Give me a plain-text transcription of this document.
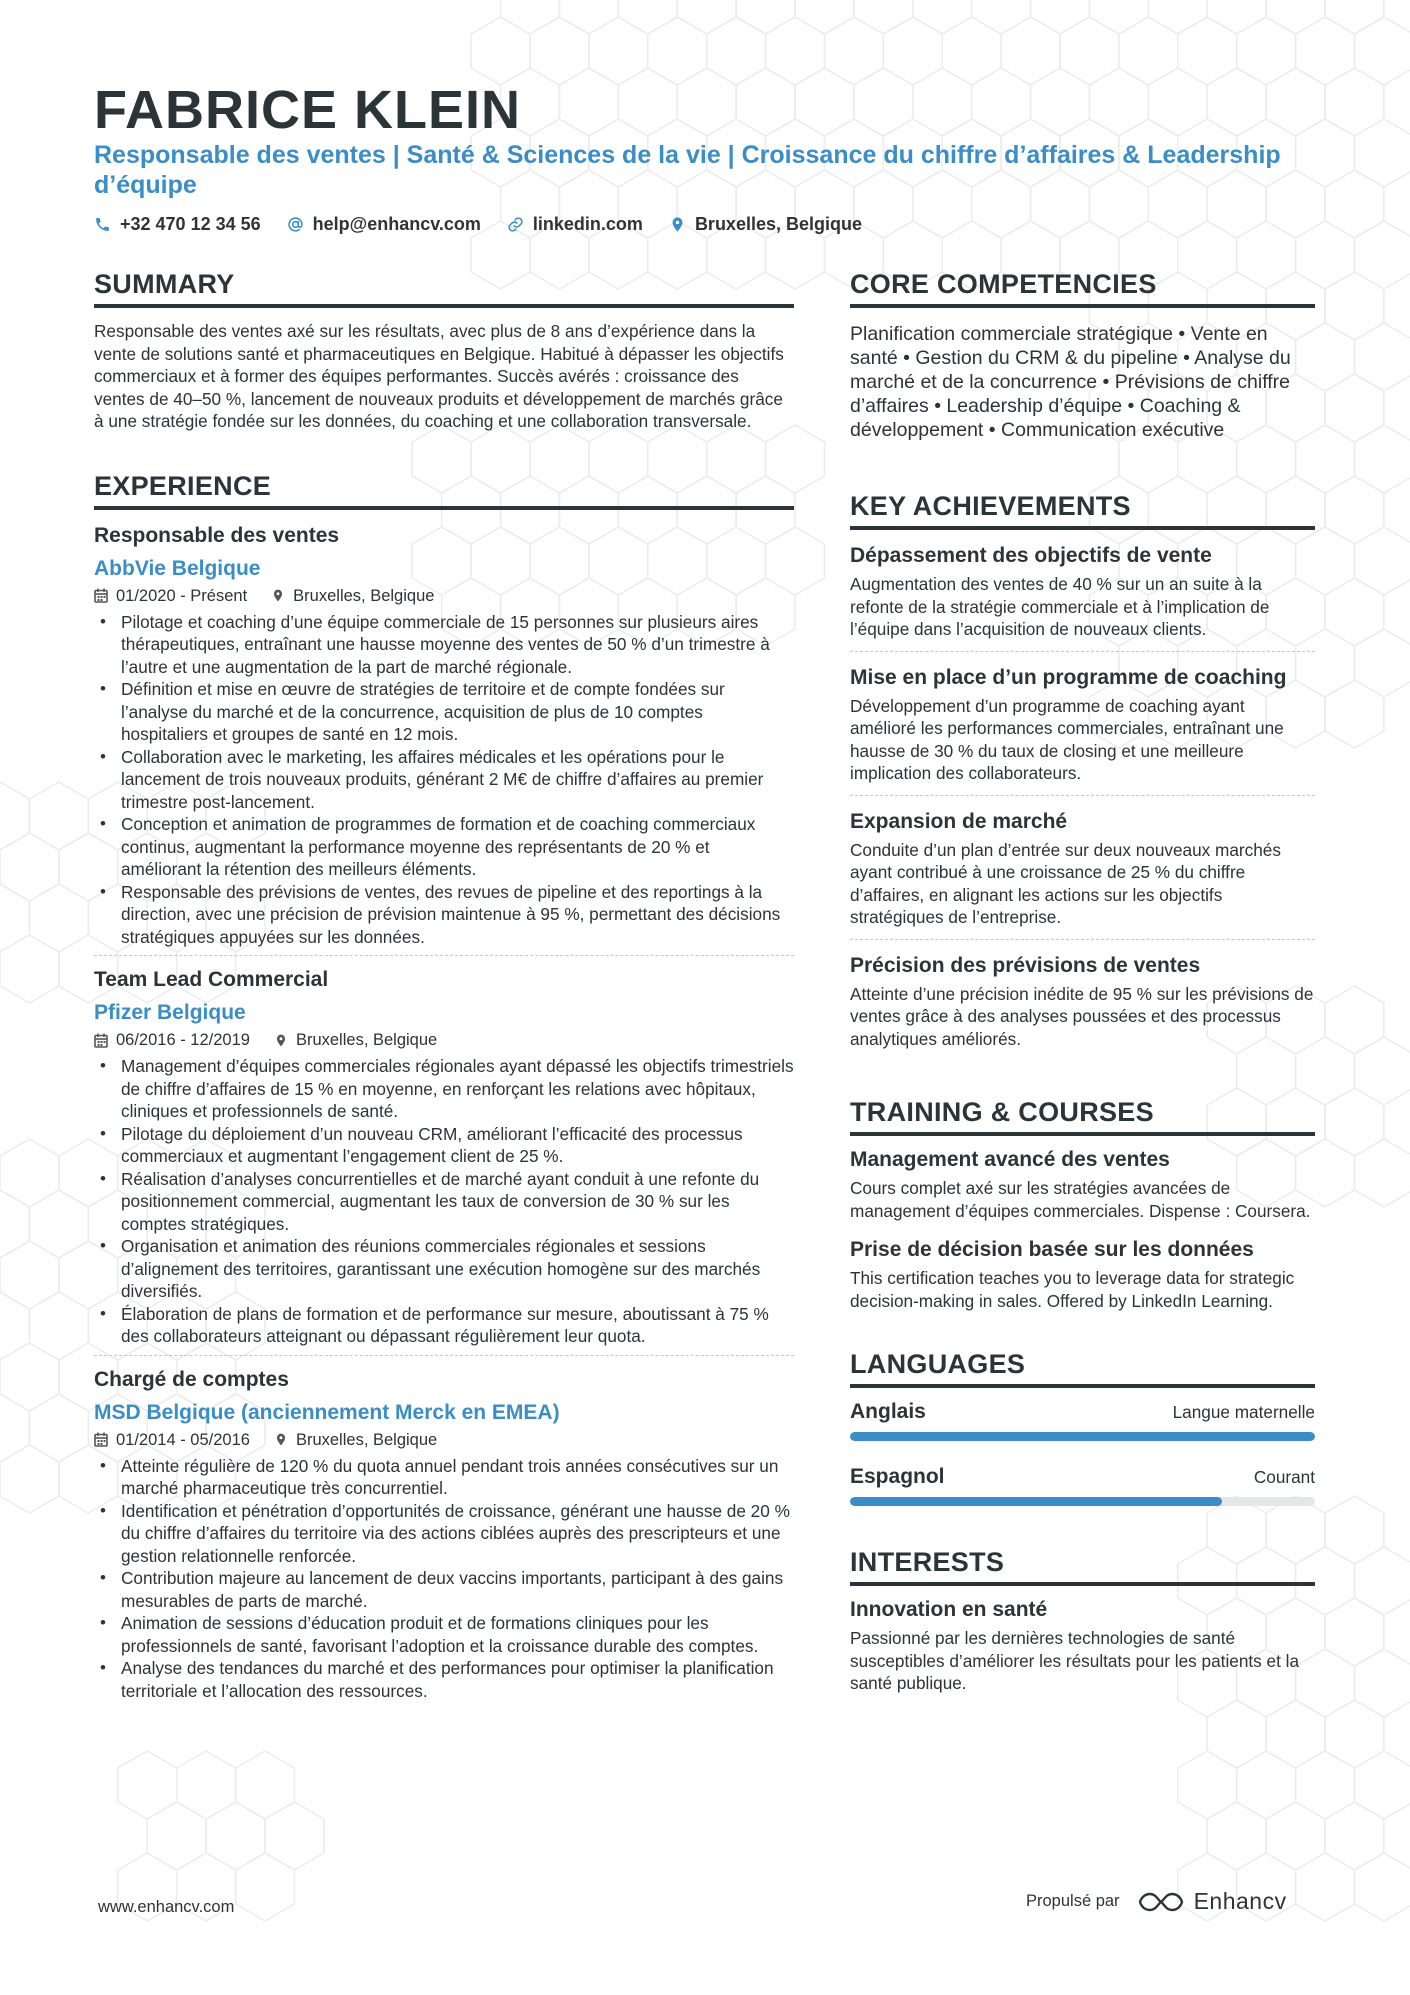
FABRICE KLEIN
Responsable des ventes | Santé & Sciences de la vie | Croissance du chiffre d’affaires & Leadership d’équipe
+32 470 12 34 56	help@enhancv.com	linkedin.com	Bruxelles, Belgique
SUMMARY

Responsable des ventes axé sur les résultats, avec plus de 8 ans d’expérience dans la vente de solutions santé et pharmaceutiques en Belgique. Habitué à dépasser les objectifs commerciaux et à former des équipes performantes. Succès avérés : croissance des ventes de 40–50 %, lancement de nouveaux produits et développement de marchés grâce à une stratégie fondée sur les données, du coaching et une collaboration transversale.

EXPERIENCE
Responsable des ventes
AbbVie Belgique
01/2020 - Présent	Bruxelles, Belgique
• Pilotage et coaching d’une équipe commerciale de 15 personnes sur plusieurs aires thérapeutiques, entraînant une hausse moyenne des ventes de 50 % d’un trimestre à l’autre et une augmentation de la part de marché régionale.
• Définition et mise en œuvre de stratégies de territoire et de compte fondées sur l’analyse du marché et de la concurrence, acquisition de plus de 10 comptes hospitaliers et groupes de santé en 12 mois.
• Collaboration avec le marketing, les affaires médicales et les opérations pour le lancement de trois nouveaux produits, générant 2 M€ de chiffre d’affaires au premier trimestre post-lancement.
• Conception et animation de programmes de formation et de coaching commerciaux continus, augmentant la performance moyenne des représentants de 20 % et améliorant la rétention des meilleurs éléments.
• Responsable des prévisions de ventes, des revues de pipeline et des reportings à la direction, avec une précision de prévision maintenue à 95 %, permettant des décisions stratégiques appuyées sur les données.
Team Lead Commercial
Pfizer Belgique
06/2016 - 12/2019	Bruxelles, Belgique
• Management d’équipes commerciales régionales ayant dépassé les objectifs trimestriels de chiffre d’affaires de 15 % en moyenne, en renforçant les relations avec hôpitaux, cliniques et professionnels de santé.
• Pilotage du déploiement d’un nouveau CRM, améliorant l’efficacité des processus commerciaux et augmentant l’engagement client de 25 %.
• Réalisation d’analyses concurrentielles et de marché ayant conduit à une refonte du positionnement commercial, augmentant les taux de conversion de 30 % sur les comptes stratégiques.
• Organisation et animation des réunions commerciales régionales et sessions d’alignement des territoires, garantissant une exécution homogène sur des marchés diversifiés.
• Élaboration de plans de formation et de performance sur mesure, aboutissant à 75 % des collaborateurs atteignant ou dépassant régulièrement leur quota.
Chargé de comptes
MSD Belgique (anciennement Merck en EMEA)
01/2014 - 05/2016	Bruxelles, Belgique
• Atteinte régulière de 120 % du quota annuel pendant trois années consécutives sur un marché pharmaceutique très concurrentiel.
• Identification et pénétration d’opportunités de croissance, générant une hausse de 20 % du chiffre d’affaires du territoire via des actions ciblées auprès des prescripteurs et une gestion relationnelle renforcée.
• Contribution majeure au lancement de deux vaccins importants, participant à des gains mesurables de parts de marché.
• Animation de sessions d’éducation produit et de formations cliniques pour les professionnels de santé, favorisant l’adoption et la croissance durable des comptes.
• Analyse des tendances du marché et des performances pour optimiser la planification territoriale et l’allocation des ressources.
CORE COMPETENCIES

Planification commerciale stratégique • Vente en santé • Gestion du CRM & du pipeline • Analyse du marché et de la concurrence • Prévisions de chiffre d’affaires • Leadership d’équipe • Coaching & développement • Communication exécutive

KEY ACHIEVEMENTS
Dépassement des objectifs de vente
Augmentation des ventes de 40 % sur un an suite à la refonte de la stratégie commerciale et à l’implication de l’équipe dans l’acquisition de nouveaux clients.
Mise en place d’un programme de coaching
Développement d’un programme de coaching ayant amélioré les performances commerciales, entraînant une hausse de 30 % du taux de closing et une meilleure implication des collaborateurs.
Expansion de marché
Conduite d’un plan d’entrée sur deux nouveaux marchés ayant contribué à une croissance de 25 % du chiffre d’affaires, en alignant les actions sur les objectifs stratégiques de l’entreprise.
Précision des prévisions de ventes
Atteinte d’une précision inédite de 95 % sur les prévisions de ventes grâce à des analyses poussées et des processus analytiques améliorés.
TRAINING & COURSES
Management avancé des ventes
Cours complet axé sur les stratégies avancées de management d’équipes commerciales. Dispense : Coursera.
Prise de décision basée sur les données
This certification teaches you to leverage data for strategic decision-making in sales. Offered by LinkedIn Learning.
LANGUAGES
Anglais	Langue maternelle
Espagnol	Courant
INTERESTS
Innovation en santé
Passionné par les dernières technologies de santé susceptibles d’améliorer les résultats pour les patients et la santé publique.
www.enhancv.com	Propulsé par	Enhancv
